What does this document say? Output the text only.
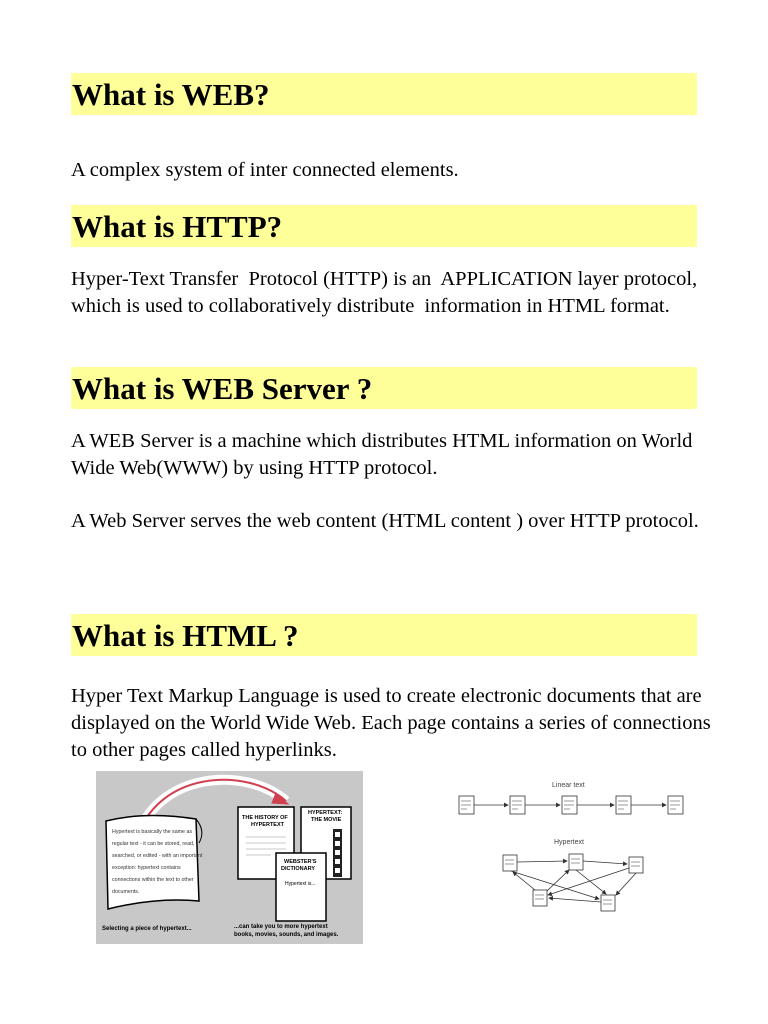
What is WEB?

A complex system of inter connected elements.

What is HTTP?

Hyper-Text Transfer  Protocol (HTTP) is an  APPLICATION layer protocol, which is used to collaboratively distribute  information in HTML format.

What is WEB Server ?

A WEB Server is a machine which distributes HTML information on World Wide Web(WWW) by using HTTP protocol.

A Web Server serves the web content (HTML content ) over HTTP protocol.

What is HTML ?

Hyper Text Markup Language is used to create electronic documents that are displayed on the World Wide Web. Each page contains a series of connections to other pages called hyperlinks.

Hypertext is basically the same as
regular text - it can be stored, read,
searched, or edited - with an important
exception: hypertext contains
connections within the text to other
documents.
THE HISTORY OF
HYPERTEXT
HYPERTEXT:
THE MOVIE
WEBSTER'S
DICTIONARY
Hypertext is...
Selecting a piece of hypertext...	...can take you to more hypertext
books, movies, sounds, and images.
Linear text
Hypertext
